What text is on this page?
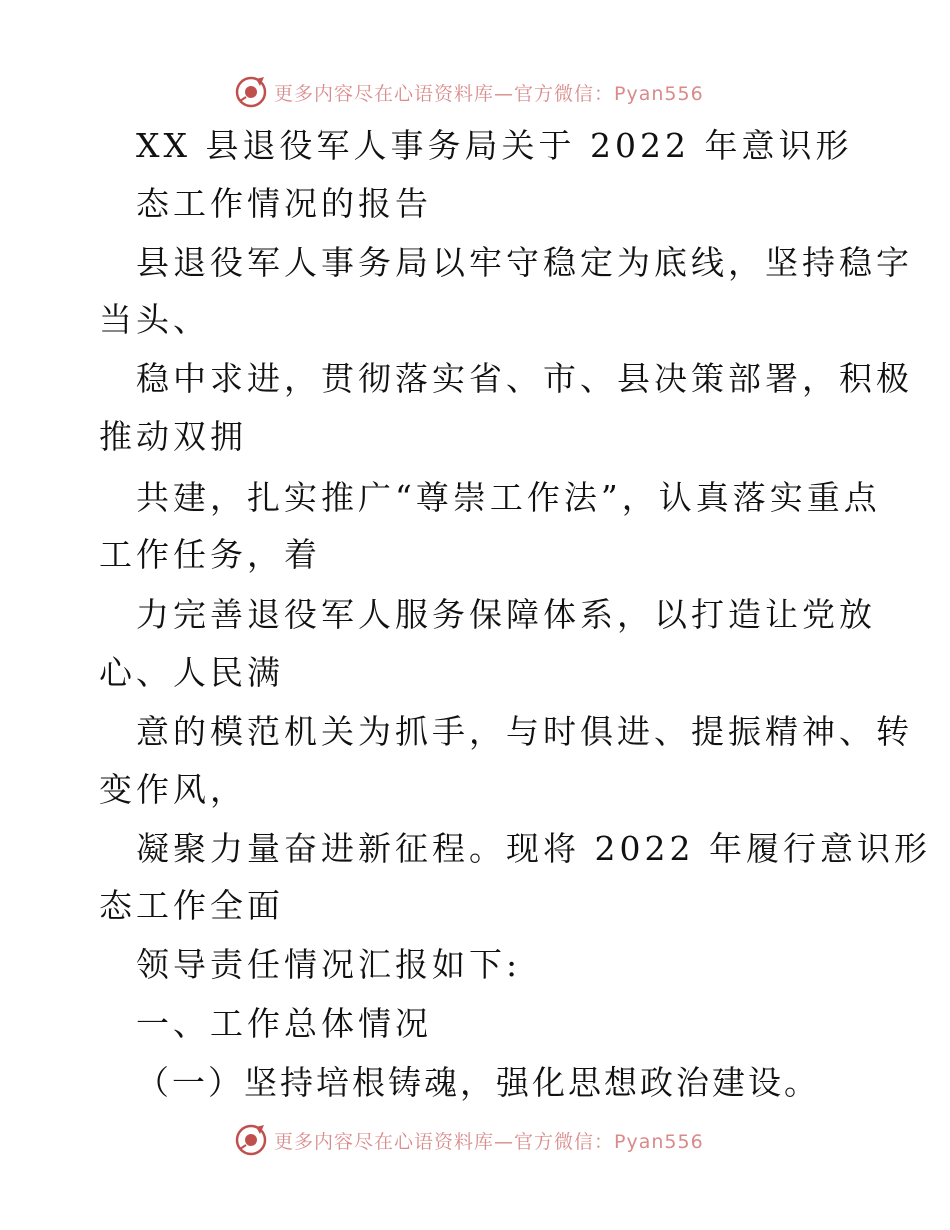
更多内容尽在心语资料库—官方微信：Pyan556
XX 县退役军人事务局关于 2022 年意识形
态工作情况的报告
县退役军人事务局以牢守稳定为底线，坚持稳字
当头、
稳中求进，贯彻落实省、市、县决策部署，积极
推动双拥
共建，扎实推广“尊崇工作法”，认真落实重点
工作任务，着
力完善退役军人服务保障体系，以打造让党放
心、人民满
意的模范机关为抓手，与时俱进、提振精神、转
变作风，
凝聚力量奋进新征程。现将 2022 年履行意识形
态工作全面
领导责任情况汇报如下:
一、工作总体情况
（一）坚持培根铸魂，强化思想政治建设。
更多内容尽在心语资料库—官方微信：Pyan556
